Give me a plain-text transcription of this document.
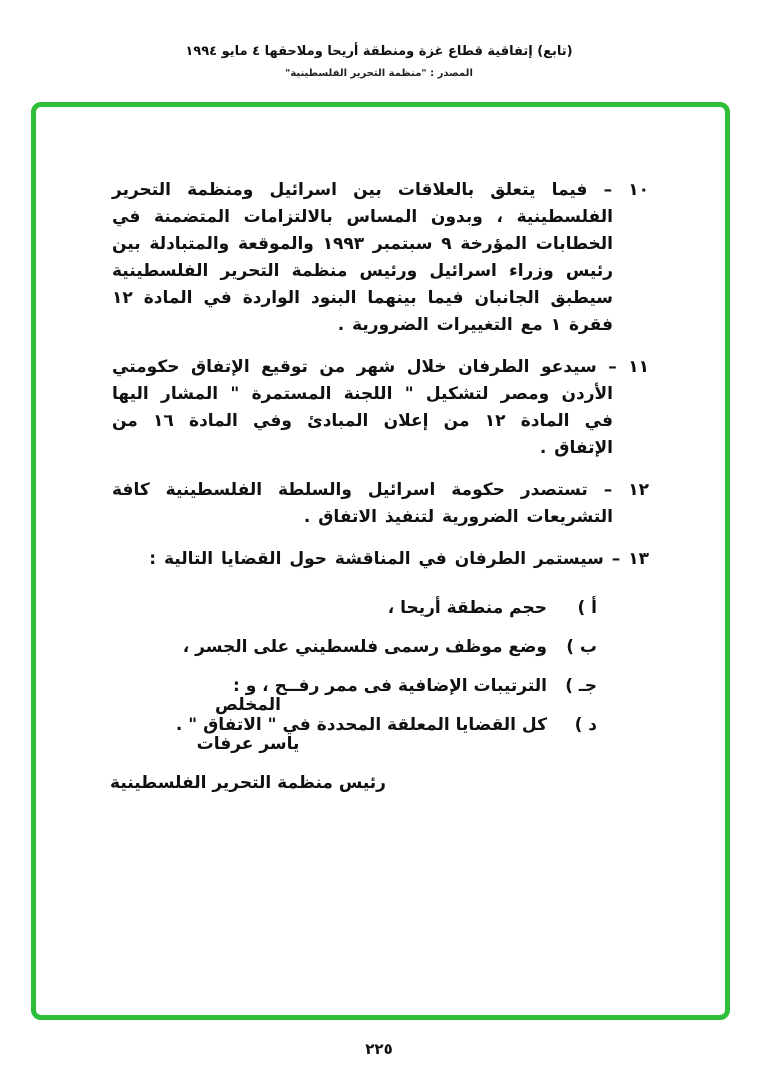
(تابع) إتفاقية قطاع غزة ومنطقة أريحا وملاحقها ٤ مايو ١٩٩٤
المصدر : "منظمة التحرير الفلسطينية"

١٠ – فيما يتعلق بالعلاقات بين اسرائيل ومنظمة التحرير الفلسطينية ، وبدون المساس بالالتزامات المتضمنة في الخطابات المؤرخة ٩ سبتمبر ١٩٩٣ والموقعة والمتبادلة بين رئيس وزراء اسرائيل ورئيس منظمة التحرير الفلسطينية سيطبق الجانبان فيما بينهما البنود الواردة في المادة ١٢ فقرة ١ مع التغييرات الضرورية .

١١ – سيدعو الطرفان خلال شهر من توقيع الإتفاق حكومتي الأردن ومصر لتشكيل " اللجنة المستمرة " المشار اليها في المادة ١٢ من إعلان المبادئ وفي المادة ١٦ من الإتفاق .

١٢ – تستصدر حكومة اسرائيل والسلطة الفلسطينية كافة التشريعات الضرورية لتنفيذ الاتفاق .

١٣ – سيستمر الطرفان في المناقشة حول القضايا التالية :

أ )
حجم منطقة أريحا ،
ب )
وضع موظف رسمى فلسطيني على الجسر ،
جـ )
الترتيبات الإضافية فى ممر رفــح ، و :
د )
كل القضايا المعلقة المحددة في " الاتفاق " .
المخلص
ياسر عرفات
رئيس منظمة التحرير الفلسطينية
٢٢٥
